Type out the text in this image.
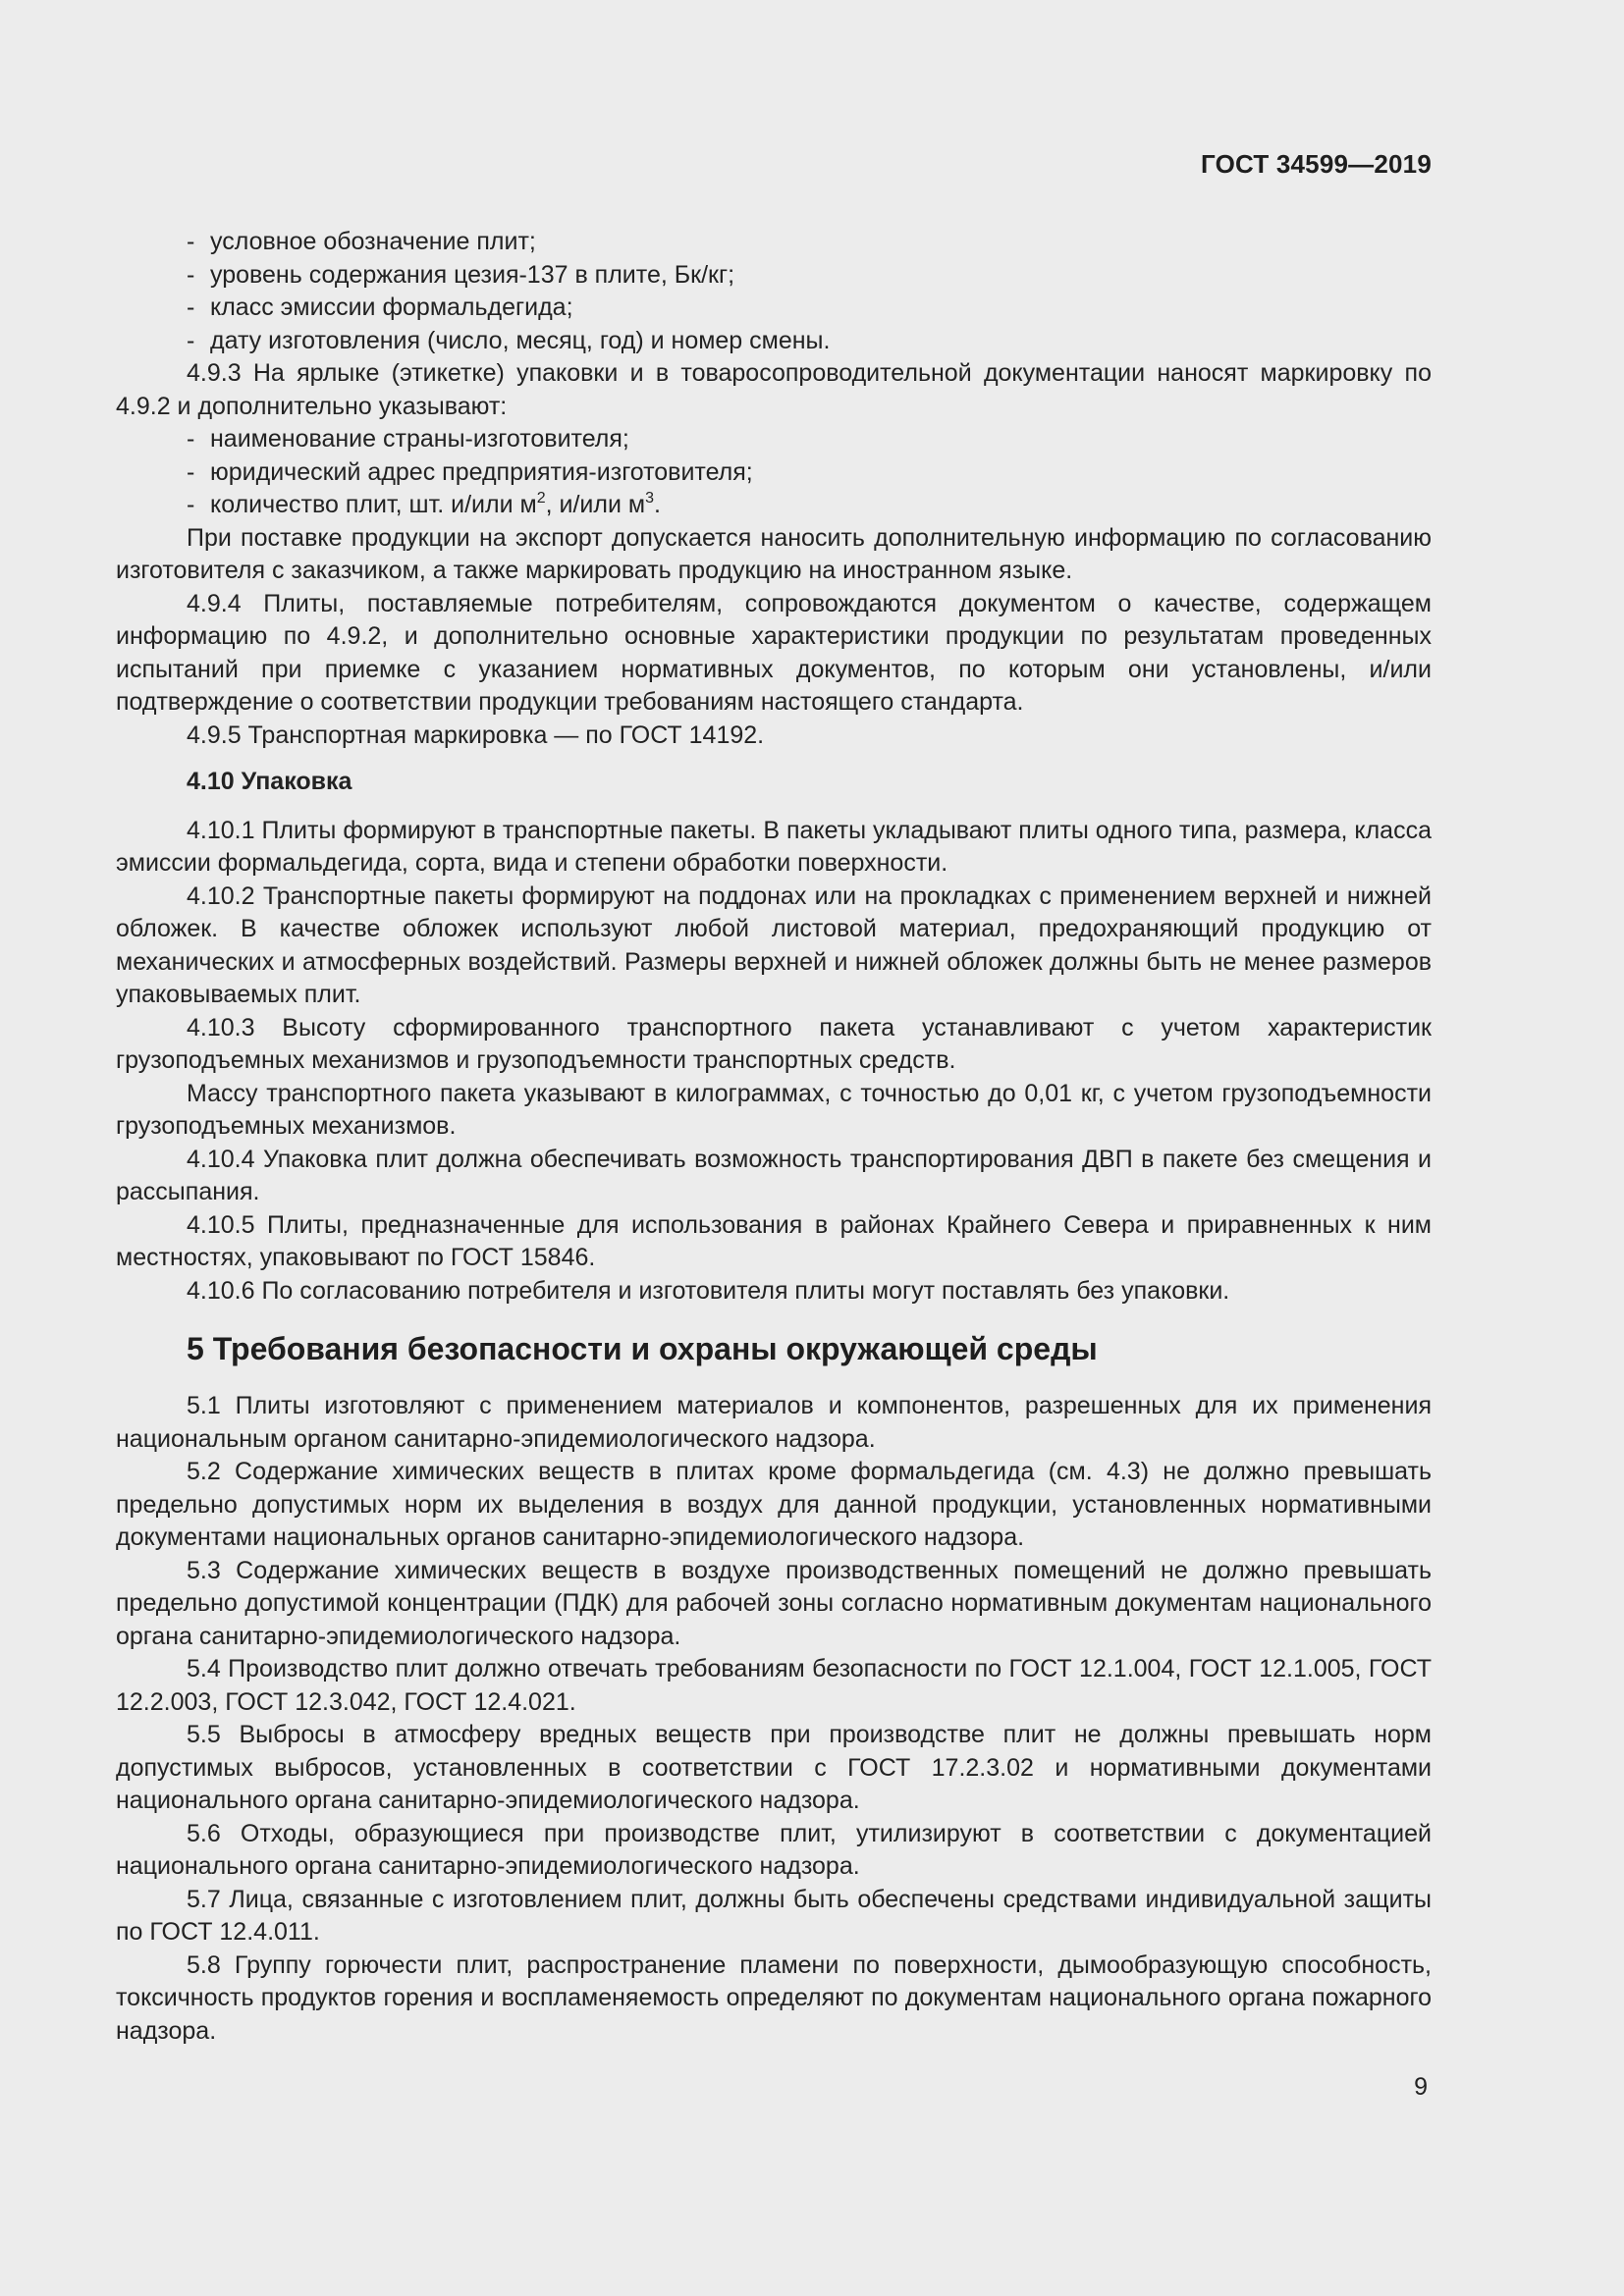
ГОСТ 34599—2019

- условное обозначение плит;

- уровень содержания цезия-137 в плите, Бк/кг;

- класс эмиссии формальдегида;

- дату изготовления (число, месяц, год) и номер смены.

4.9.3 На ярлыке (этикетке) упаковки и в товаросопроводительной документации наносят маркировку по 4.9.2 и дополнительно указывают:

- наименование страны-изготовителя;

- юридический адрес предприятия-изготовителя;

- количество плит, шт. и/или $м^2$, и/или $м^3$.

При поставке продукции на экспорт допускается наносить дополнительную информацию по согласованию изготовителя с заказчиком, а также маркировать продукцию на иностранном языке.

4.9.4 Плиты, поставляемые потребителям, сопровождаются документом о качестве, содержащем информацию по 4.9.2, и дополнительно основные характеристики продукции по результатам проведенных испытаний при приемке с указанием нормативных документов, по которым они установлены, и/или подтверждение о соответствии продукции требованиям настоящего стандарта.

4.9.5 Транспортная маркировка — по ГОСТ 14192.

4.10 Упаковка

4.10.1 Плиты формируют в транспортные пакеты. В пакеты укладывают плиты одного типа, размера, класса эмиссии формальдегида, сорта, вида и степени обработки поверхности.

4.10.2 Транспортные пакеты формируют на поддонах или на прокладках с применением верхней и нижней обложек. В качестве обложек используют любой листовой материал, предохраняющий продукцию от механических и атмосферных воздействий. Размеры верхней и нижней обложек должны быть не менее размеров упаковываемых плит.

4.10.3 Высоту сформированного транспортного пакета устанавливают с учетом характеристик грузоподъемных механизмов и грузоподъемности транспортных средств.

Массу транспортного пакета указывают в килограммах, с точностью до 0,01 кг, с учетом грузоподъемности грузоподъемных механизмов.

4.10.4 Упаковка плит должна обеспечивать возможность транспортирования ДВП в пакете без смещения и рассыпания.

4.10.5 Плиты, предназначенные для использования в районах Крайнего Севера и приравненных к ним местностях, упаковывают по ГОСТ 15846.

4.10.6 По согласованию потребителя и изготовителя плиты могут поставлять без упаковки.

5 Требования безопасности и охраны окружающей среды

5.1 Плиты изготовляют с применением материалов и компонентов, разрешенных для их применения национальным органом санитарно-эпидемиологического надзора.

5.2 Содержание химических веществ в плитах кроме формальдегида (см. 4.3) не должно превышать предельно допустимых норм их выделения в воздух для данной продукции, установленных нормативными документами национальных органов санитарно-эпидемиологического надзора.

5.3 Содержание химических веществ в воздухе производственных помещений не должно превышать предельно допустимой концентрации (ПДК) для рабочей зоны согласно нормативным документам национального органа санитарно-эпидемиологического надзора.

5.4 Производство плит должно отвечать требованиям безопасности по ГОСТ 12.1.004, ГОСТ 12.1.005, ГОСТ 12.2.003, ГОСТ 12.3.042, ГОСТ 12.4.021.

5.5 Выбросы в атмосферу вредных веществ при производстве плит не должны превышать норм допустимых выбросов, установленных в соответствии с ГОСТ 17.2.3.02 и нормативными документами национального органа санитарно-эпидемиологического надзора.

5.6 Отходы, образующиеся при производстве плит, утилизируют в соответствии с документацией национального органа санитарно-эпидемиологического надзора.

5.7 Лица, связанные с изготовлением плит, должны быть обеспечены средствами индивидуальной защиты по ГОСТ 12.4.011.

5.8 Группу горючести плит, распространение пламени по поверхности, дымообразующую способность, токсичность продуктов горения и воспламеняемость определяют по документам национального органа пожарного надзора.

9
